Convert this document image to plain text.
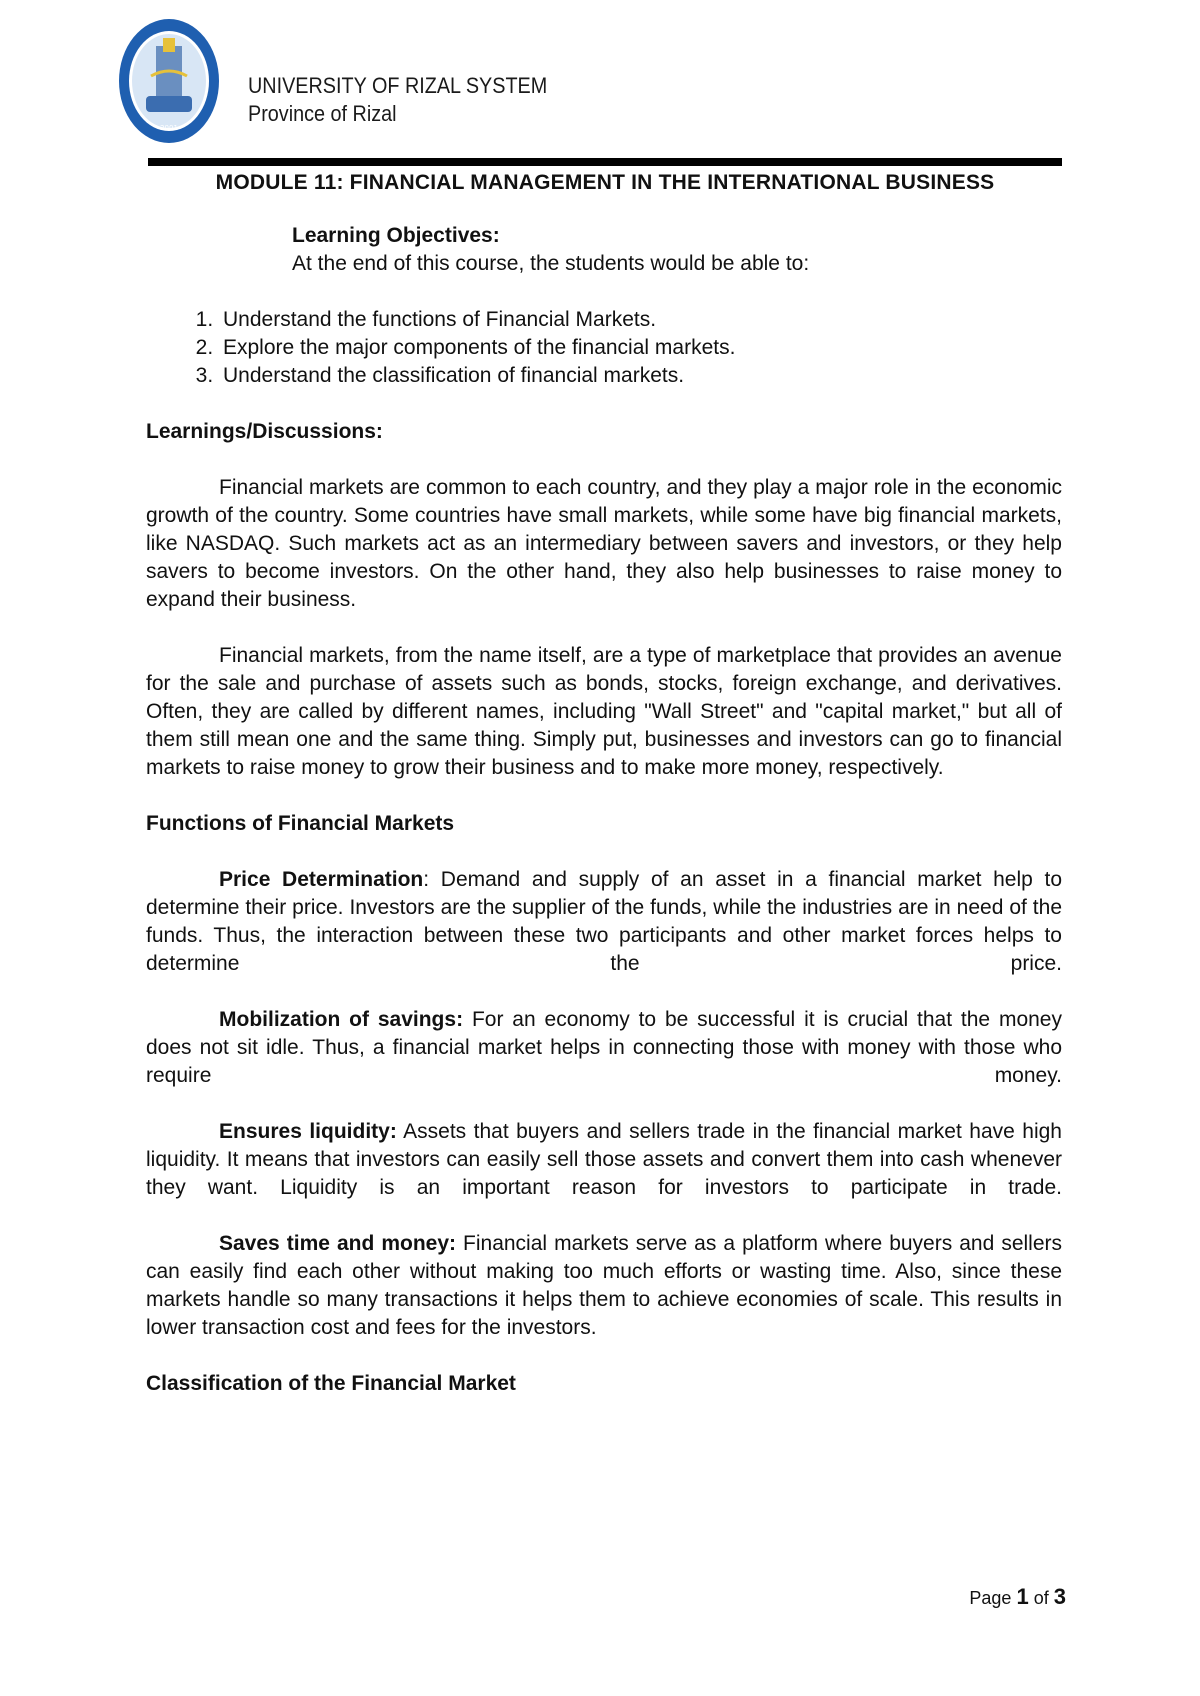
2001
UNIVERSITY OF RIZAL SYSTEM
Province of Rizal
MODULE 11: FINANCIAL MANAGEMENT IN THE INTERNATIONAL BUSINESS

Learning Objectives:

At the end of this course, the students would be able to:

1. Understand the functions of Financial Markets.
2. Explore the major components of the financial markets.
3. Understand the classification of financial markets.

Learnings/Discussions:

Financial markets are common to each country, and they play a major role in the economic growth of the country. Some countries have small markets, while some have big financial markets, like NASDAQ. Such markets act as an intermediary between savers and investors, or they help savers to become investors. On the other hand, they also help businesses to raise money to expand their business.

Financial markets, from the name itself, are a type of marketplace that provides an avenue for the sale and purchase of assets such as bonds, stocks, foreign exchange, and derivatives. Often, they are called by different names, including "Wall Street" and "capital market," but all of them still mean one and the same thing. Simply put, businesses and investors can go to financial markets to raise money to grow their business and to make more money, respectively.

Functions of Financial Markets

Price Determination: Demand and supply of an asset in a financial market help to determine their price. Investors are the supplier of the funds, while the industries are in need of the funds. Thus, the interaction between these two participants and other market forces helps to determine the price.

Mobilization of savings: For an economy to be successful it is crucial that the money does not sit idle. Thus, a financial market helps in connecting those with money with those who require money.

Ensures liquidity: Assets that buyers and sellers trade in the financial market have high liquidity. It means that investors can easily sell those assets and convert them into cash whenever they want. Liquidity is an important reason for investors to participate in trade.

Saves time and money: Financial markets serve as a platform where buyers and sellers can easily find each other without making too much efforts or wasting time. Also, since these markets handle so many transactions it helps them to achieve economies of scale. This results in lower transaction cost and fees for the investors.

Classification of the Financial Market

Page 1 of 3
